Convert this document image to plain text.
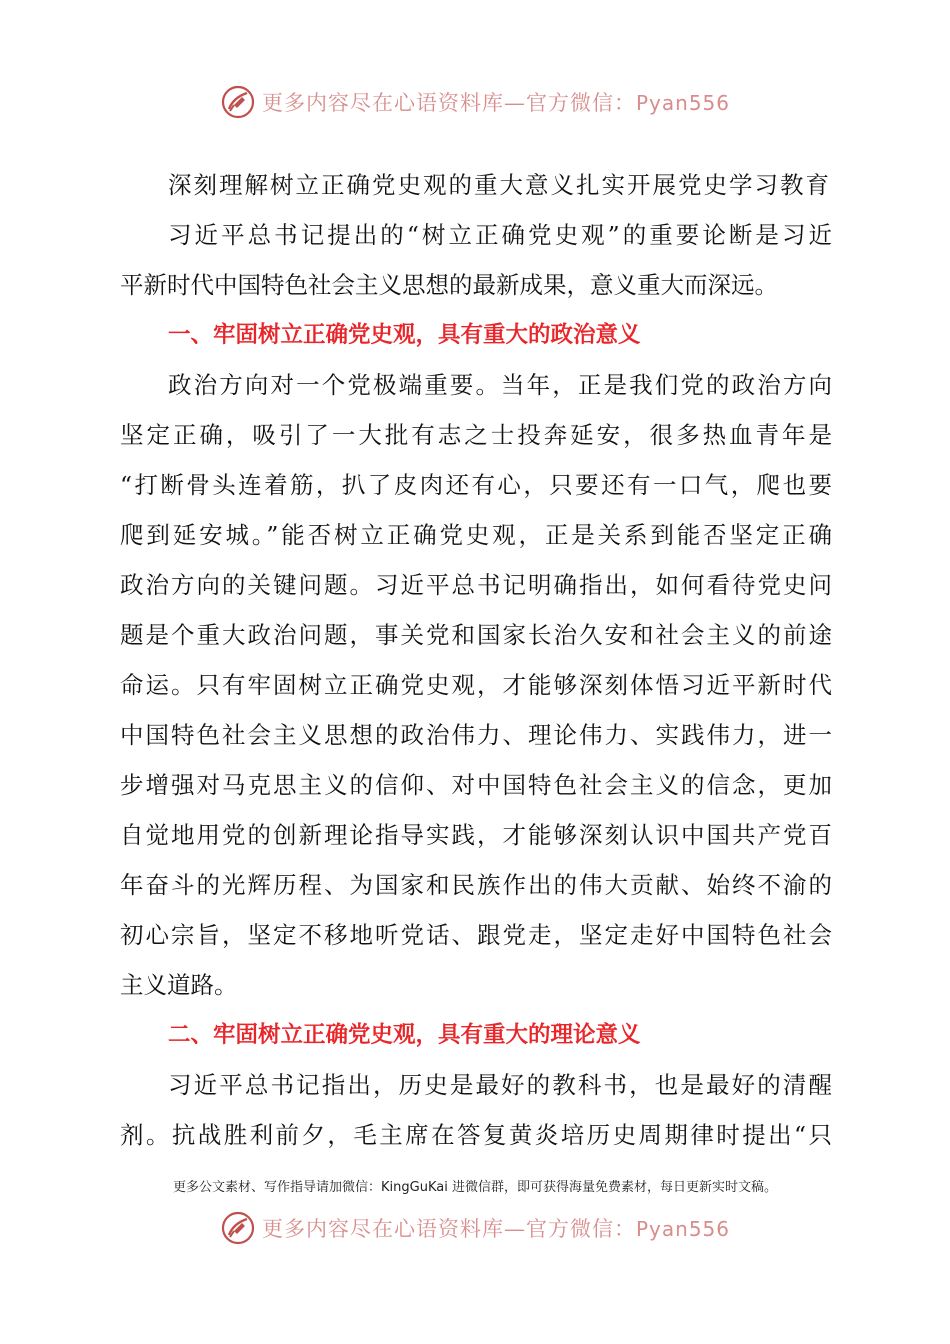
更多内容尽在心语资料库—官方微信：Pyan556
深刻理解树立正确党史观的重大意义扎实开展党史学习教育
习近平总书记提出的“树立正确党史观”的重要论断是习近
平新时代中国特色社会主义思想的最新成果，意义重大而深远。
一、牢固树立正确党史观，具有重大的政治意义
政治方向对一个党极端重要。当年，正是我们党的政治方向
坚定正确，吸引了一大批有志之士投奔延安，很多热血青年是
“打断骨头连着筋，扒了皮肉还有心，只要还有一口气，爬也要
爬到延安城。”能否树立正确党史观，正是关系到能否坚定正确
政治方向的关键问题。习近平总书记明确指出，如何看待党史问
题是个重大政治问题，事关党和国家长治久安和社会主义的前途
命运。只有牢固树立正确党史观，才能够深刻体悟习近平新时代
中国特色社会主义思想的政治伟力、理论伟力、实践伟力，进一
步增强对马克思主义的信仰、对中国特色社会主义的信念，更加
自觉地用党的创新理论指导实践，才能够深刻认识中国共产党百
年奋斗的光辉历程、为国家和民族作出的伟大贡献、始终不渝的
初心宗旨，坚定不移地听党话、跟党走，坚定走好中国特色社会
主义道路。
二、牢固树立正确党史观，具有重大的理论意义
习近平总书记指出，历史是最好的教科书，也是最好的清醒
剂。抗战胜利前夕，毛主席在答复黄炎培历史周期律时提出“只
更多公文素材、写作指导请加微信：KingGuKai 进微信群，即可获得海量免费素材，每日更新实时文稿。
更多内容尽在心语资料库—官方微信：Pyan556
